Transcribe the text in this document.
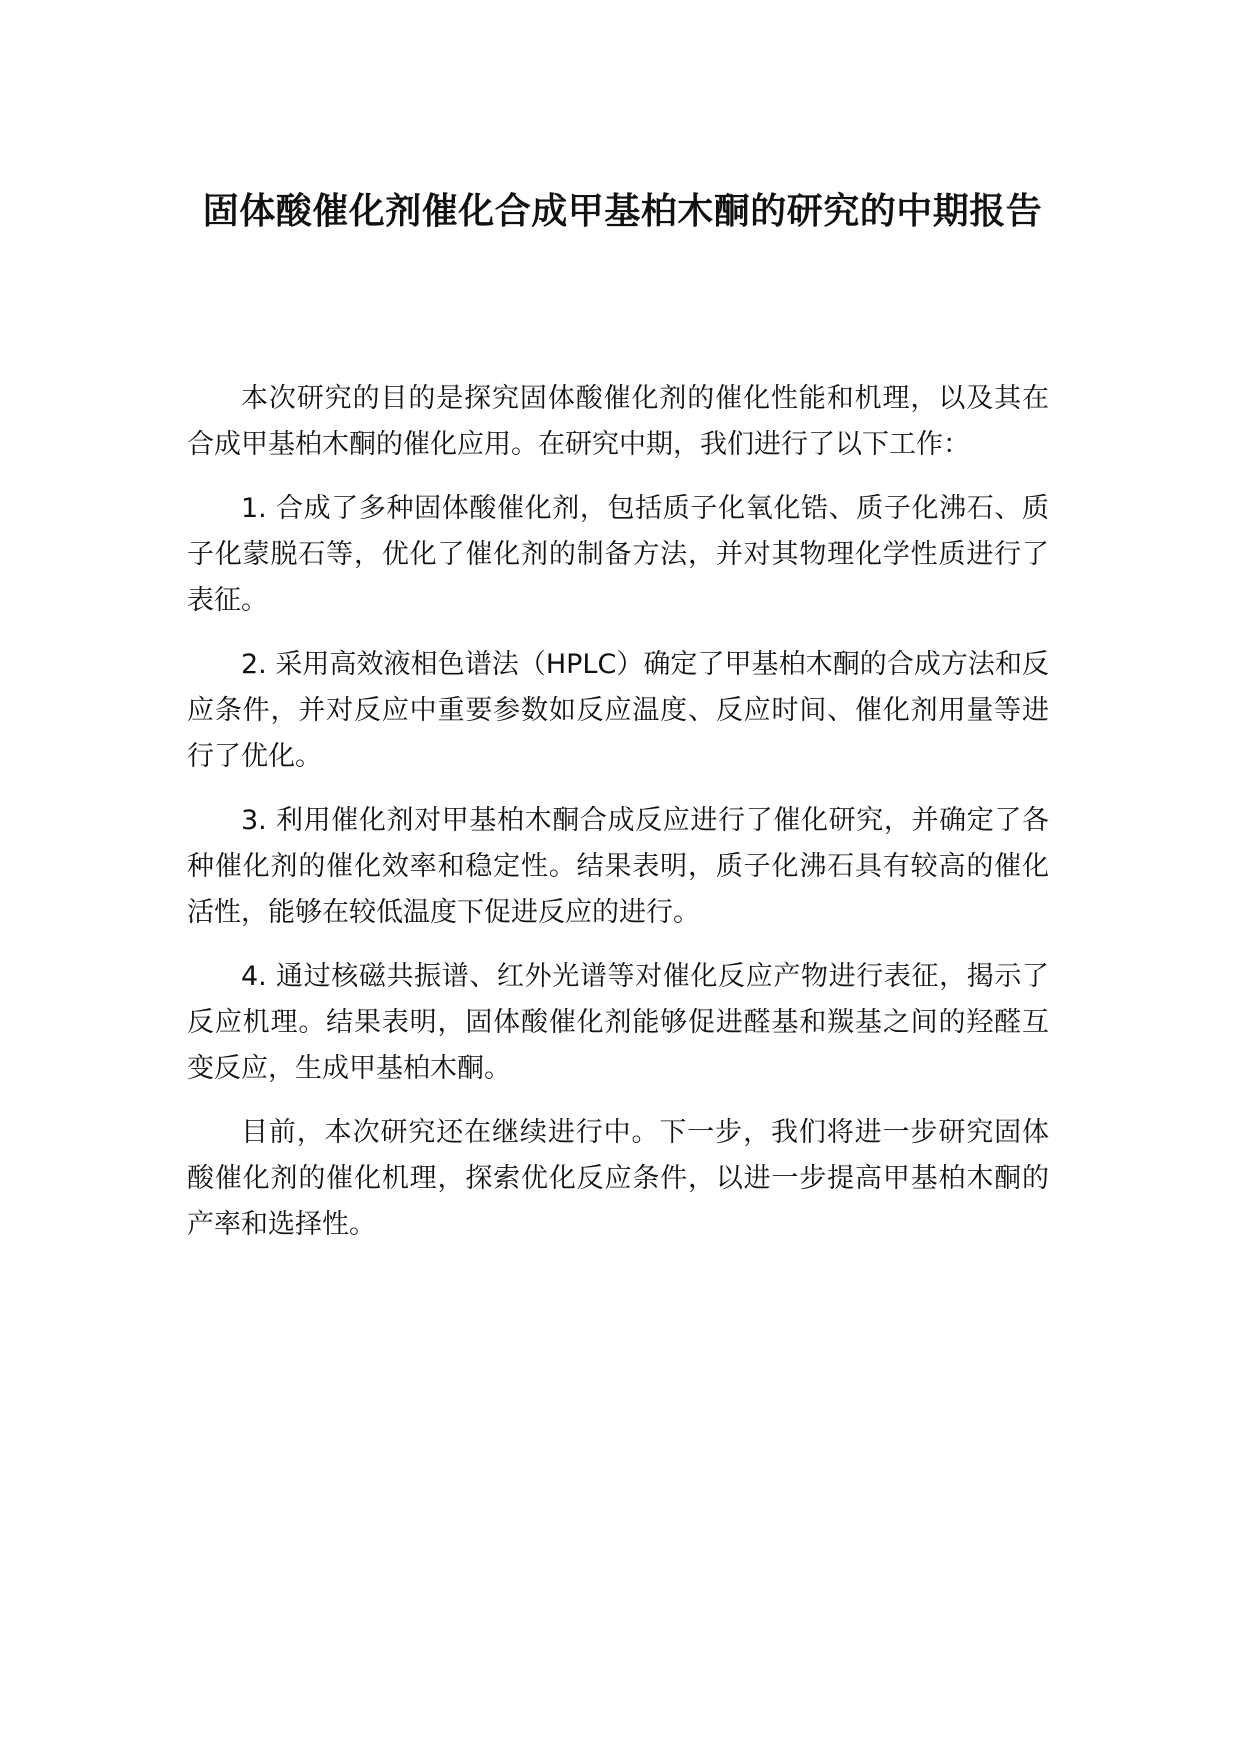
固体酸催化剂催化合成甲基柏木酮的研究的中期报告

本次研究的目的是探究固体酸催化剂的催化性能和机理，以及其在合成甲基柏木酮的催化应用。在研究中期，我们进行了以下工作：

1. 合成了多种固体酸催化剂，包括质子化氧化锆、质子化沸石、质子化蒙脱石等，优化了催化剂的制备方法，并对其物理化学性质进行了表征。

2. 采用高效液相色谱法（HPLC）确定了甲基柏木酮的合成方法和反应条件，并对反应中重要参数如反应温度、反应时间、催化剂用量等进行了优化。

3. 利用催化剂对甲基柏木酮合成反应进行了催化研究，并确定了各种催化剂的催化效率和稳定性。结果表明，质子化沸石具有较高的催化活性，能够在较低温度下促进反应的进行。

4. 通过核磁共振谱、红外光谱等对催化反应产物进行表征，揭示了反应机理。结果表明，固体酸催化剂能够促进醛基和羰基之间的羟醛互变反应，生成甲基柏木酮。

目前，本次研究还在继续进行中。下一步，我们将进一步研究固体酸催化剂的催化机理，探索优化反应条件，以进一步提高甲基柏木酮的产率和选择性。
